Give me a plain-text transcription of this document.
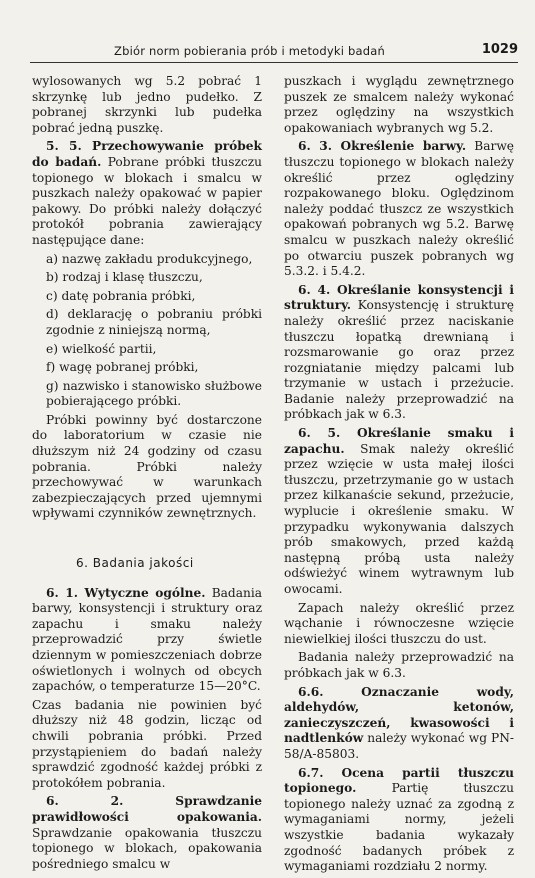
Zbiór norm pobierania prób i metodyki badań	1029

wylosowanych wg 5.2 pobrać 1 skrzynkę lub jedno pudełko. Z pobranej skrzynki lub pudełka pobrać jedną puszkę.

5. 5. Przechowywanie próbek do badań. Pobrane próbki tłuszczu topionego w blokach i smalcu w puszkach należy opakować w papier pakowy. Do próbki należy dołączyć protokół pobrania zawierający następujące dane:

a) nazwę zakładu produkcyjnego,

b) rodzaj i klasę tłuszczu,

c) datę pobrania próbki,

d) deklarację o pobraniu próbki zgodnie z niniejszą normą,

e) wielkość partii,

f) wagę pobranej próbki,

g) nazwisko i stanowisko służbowe pobierającego próbki.

Próbki powinny być dostarczone do laboratorium w czasie nie dłuższym niż 24 godziny od czasu pobrania. Próbki należy przechowywać w warunkach zabezpieczających przed ujemnymi wpływami czynników zewnętrznych.

6. Badania jakości

6. 1. Wytyczne ogólne. Badania barwy, konsystencji i struktury oraz zapachu i smaku należy przeprowadzić przy świetle dziennym w pomieszczeniach dobrze oświetlonych i wolnych od obcych zapachów, o temperaturze 15—20°C.

Czas badania nie powinien być dłuższy niż 48 godzin, licząc od chwili pobrania próbki. Przed przystąpieniem do badań należy sprawdzić zgodność każdej próbki z protokółem pobrania.

6. 2. Sprawdzanie prawidłowości opakowania. Sprawdzanie opakowania tłuszczu topionego w blokach, opakowania pośredniego smalcu w

puszkach i wyglądu zewnętrznego puszek ze smalcem należy wykonać przez oględziny na wszystkich opakowaniach wybranych wg 5.2.

6. 3. Określenie barwy. Barwę tłuszczu topionego w blokach należy określić przez oględziny rozpakowanego bloku. Oględzinom należy poddać tłuszcz ze wszystkich opakowań pobranych wg 5.2. Barwę smalcu w puszkach należy określić po otwarciu puszek pobranych wg 5.3.2. i 5.4.2.

6. 4. Określanie konsystencji i struktury. Konsystencję i strukturę należy określić przez naciskanie tłuszczu łopatką drewnianą i rozsmarowanie go oraz przez rozgniatanie między palcami lub trzymanie w ustach i przeżucie. Badanie należy przeprowadzić na próbkach jak w 6.3.

6. 5. Określanie smaku i zapachu. Smak należy określić przez wzięcie w usta małej ilości tłuszczu, przetrzymanie go w ustach przez kilkanaście sekund, przeżucie, wyplucie i określenie smaku. W przypadku wykonywania dalszych prób smakowych, przed każdą następną próbą usta należy odświeżyć winem wytrawnym lub owocami.

Zapach należy określić przez wąchanie i równoczesne wzięcie niewielkiej ilości tłuszczu do ust.

Badania należy przeprowadzić na próbkach jak w 6.3.

6.6. Oznaczanie wody, aldehydów, ketonów, zanieczyszczeń, kwasowości i nadtlenków należy wykonać wg PN-58/A-85803.

6.7. Ocena partii tłuszczu topionego.	Partię tłuszczu topionego należy uznać za zgodną z wymaganiami normy, jeżeli wszystkie badania wykazały zgodność badanych próbek z wymaganiami rozdziału 2 normy.
